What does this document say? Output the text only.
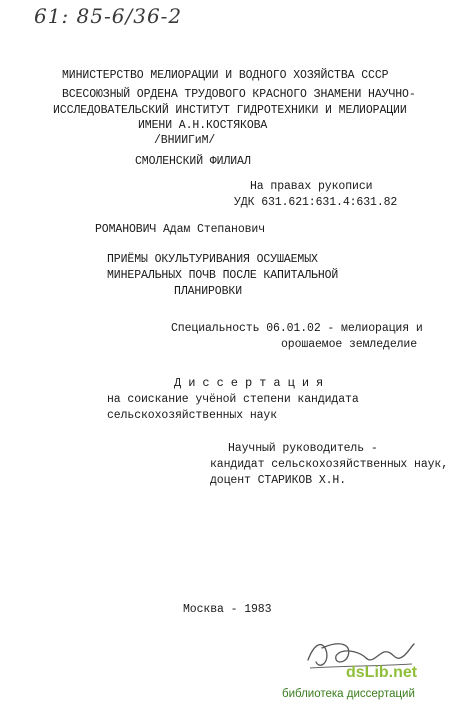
61: 85-6/36-2
МИНИСТЕРСТВО МЕЛИОРАЦИИ И ВОДНОГО ХОЗЯЙСТВА СССР
ВСЕСОЮЗНЫЙ ОРДЕНА ТРУДОВОГО КРАСНОГО ЗНАМЕНИ НАУЧНО-
ИССЛЕДОВАТЕЛЬСКИЙ ИНСТИТУТ ГИДРОТЕХНИКИ И МЕЛИОРАЦИИ
ИМЕНИ А.Н.КОСТЯКОВА
/ВНИИГиМ/
СМОЛЕНСКИЙ ФИЛИАЛ
На правах рукописи
УДК 631.621:631.4:631.82
РОМАНОВИЧ Адам Степанович
ПРИЁМЫ ОКУЛЬТУРИВАНИЯ ОСУШАЕМЫХ
МИНЕРАЛЬНЫХ ПОЧВ ПОСЛЕ КАПИТАЛЬНОЙ
ПЛАНИРОВКИ
Специальность 06.01.02 - мелиорация и
орошаемое земледелие
Д и с с е р т а ц и я
на соискание учёной степени кандидата
сельскохозяйственных наук
Научный руководитель -
кандидат сельскохозяйственных наук,
доцент СТАРИКОВ Х.Н.
Москва - 1983
dsLib.net
библиотека диссертаций
